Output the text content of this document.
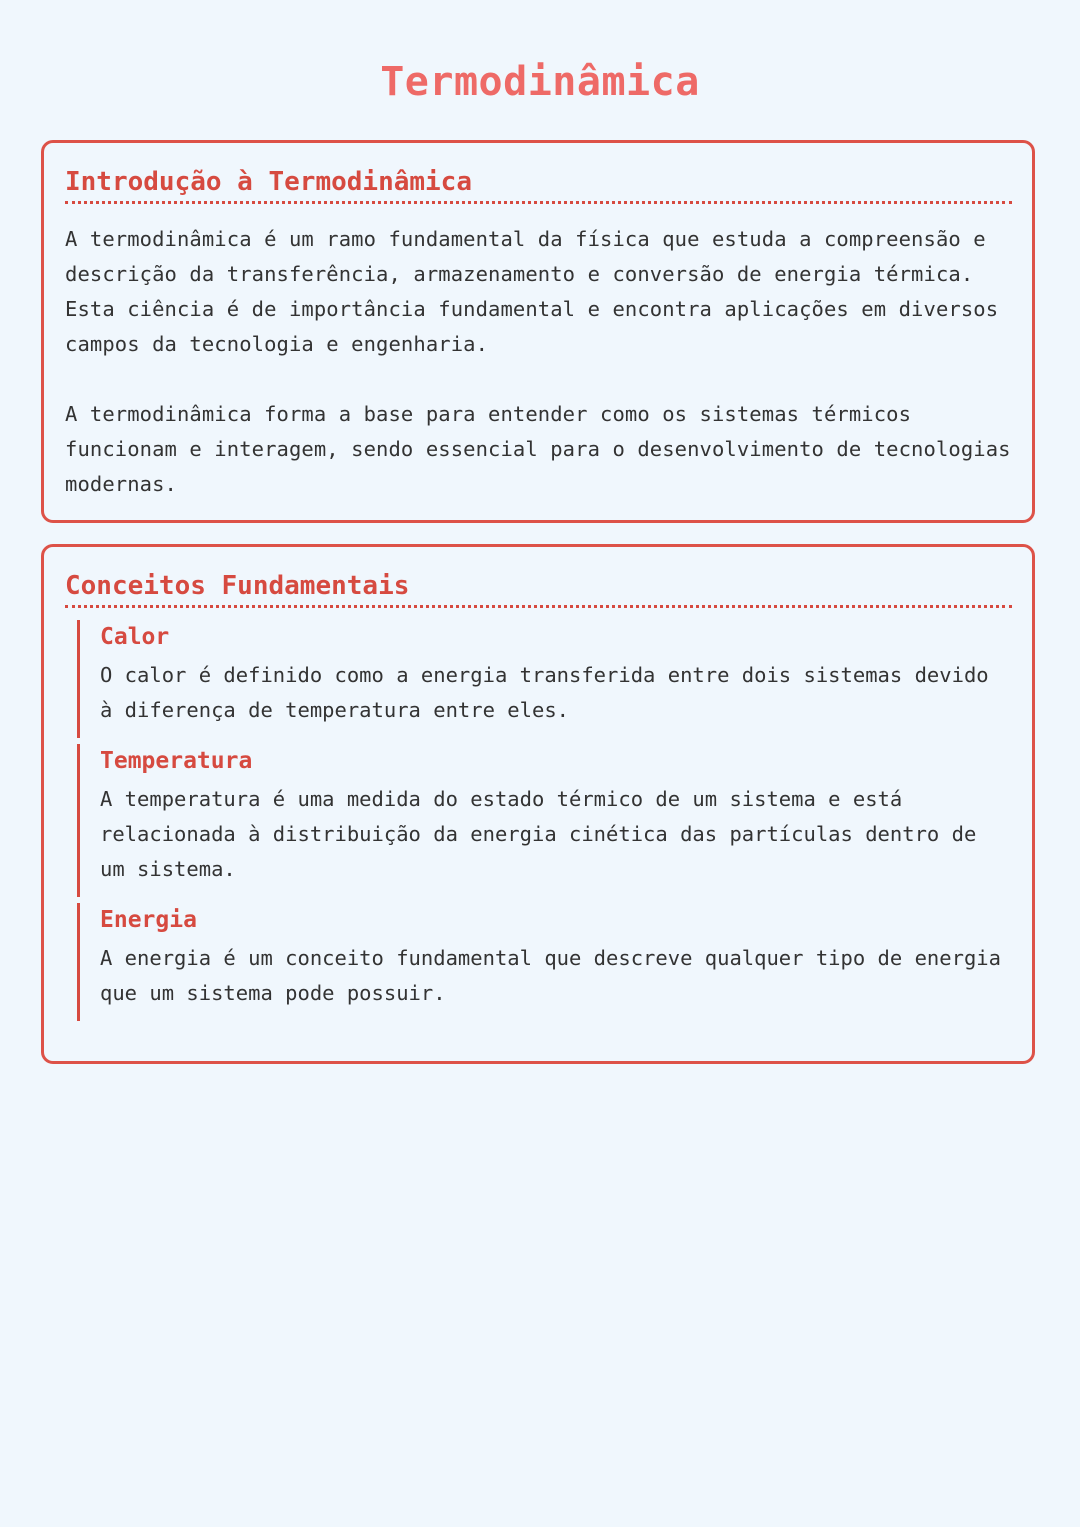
Termodinâmica
Introdução à Termodinâmica

A termodinâmica é um ramo fundamental da física que estuda a compreensão e descrição da transferência, armazenamento e conversão de energia térmica. Esta ciência é de importância fundamental e encontra aplicações em diversos campos da tecnologia e engenharia.

A termodinâmica forma a base para entender como os sistemas térmicos funcionam e interagem, sendo essencial para o desenvolvimento de tecnologias modernas.

Conceitos Fundamentais
Calor

O calor é definido como a energia transferida entre dois sistemas devido à diferença de temperatura entre eles.

Temperatura

A temperatura é uma medida do estado térmico de um sistema e está relacionada à distribuição da energia cinética das partículas dentro de um sistema.

Energia

A energia é um conceito fundamental que descreve qualquer tipo de energia que um sistema pode possuir.
